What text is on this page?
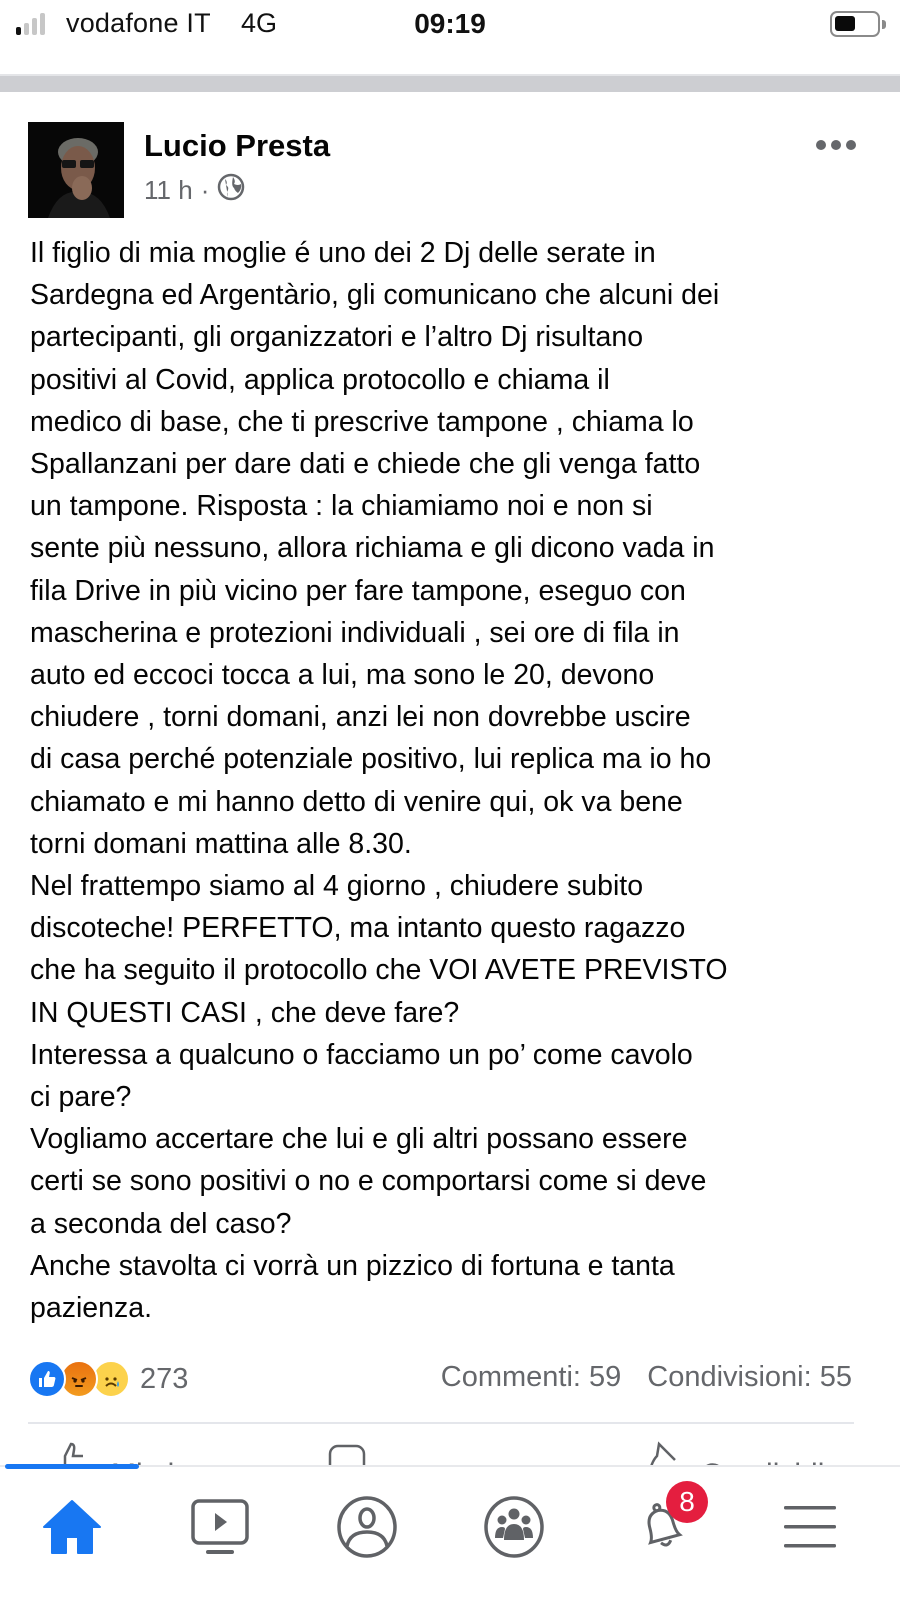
vodafone IT 4G	09:19
Lucio Presta
11 h ·

Il figlio di mia moglie é uno dei 2 Dj delle serate in

Sardegna ed Argentàrio, gli comunicano che alcuni dei

partecipanti, gli organizzatori e l’altro Dj risultano

positivi al Covid, applica protocollo e chiama il

medico di base, che ti prescrive tampone , chiama lo

Spallanzani per dare dati e chiede che gli venga fatto

un tampone. Risposta : la chiamiamo noi e non si

sente più nessuno, allora richiama e gli dicono vada in

fila Drive in più vicino per fare tampone, eseguo con

mascherina e protezioni individuali , sei ore di fila in

auto ed eccoci tocca a lui, ma sono le 20, devono

chiudere , torni domani, anzi lei non dovrebbe uscire

di casa perché potenziale positivo, lui replica ma io ho

chiamato e mi hanno detto di venire qui, ok va bene

torni domani mattina alle 8.30.

Nel frattempo siamo al 4 giorno , chiudere subito

discoteche! PERFETTO, ma intanto questo ragazzo

che ha seguito il protocollo che VOI AVETE PREVISTO

IN QUESTI CASI , che deve fare?

Interessa a qualcuno o facciamo un po’ come cavolo

ci pare?

Vogliamo accertare che lui e gli altri possano essere

certi se sono positivi o no e comportarsi come si deve

a seconda del caso?

Anche stavolta ci vorrà un pizzico di fortuna e tanta

pazienza.

273	Commenti: 59 Condivisioni: 55
8
